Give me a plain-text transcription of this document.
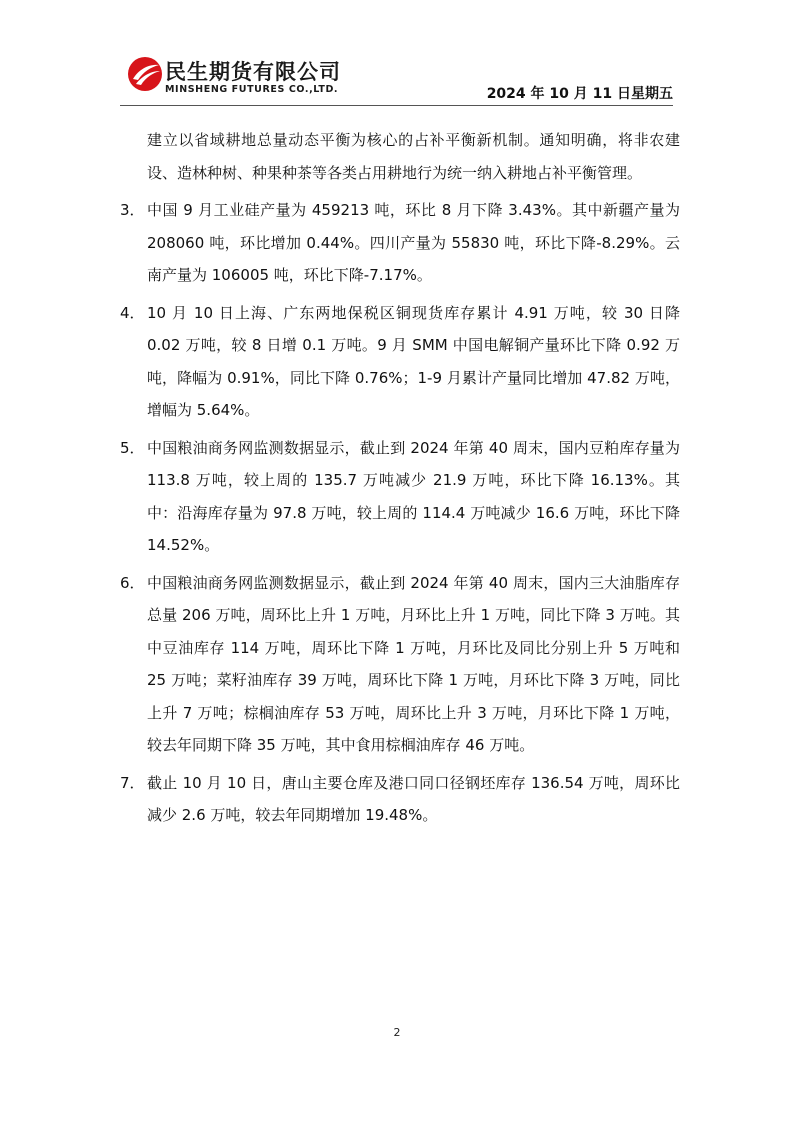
民生期货有限公司
MINSHENG FUTURES CO.,LTD.	2024 年 10 月 11 日星期五

建立以省域耕地总量动态平衡为核心的占补平衡新机制。通知明确，将非农建设、造林种树、种果种茶等各类占用耕地行为统一纳入耕地占补平衡管理。

3． 中国 9 月工业硅产量为 459213 吨，环比 8 月下降 3.43%。其中新疆产量为 208060 吨，环比增加 0.44%。四川产量为 55830 吨，环比下降-8.29%。云南产量为 106005 吨，环比下降-7.17%。
4． 10 月 10 日上海、广东两地保税区铜现货库存累计 4.91 万吨，较 30 日降 0.02 万吨，较 8 日增 0.1 万吨。9 月 SMM 中国电解铜产量环比下降 0.92 万吨，降幅为 0.91%，同比下降 0.76%；1-9 月累计产量同比增加 47.82 万吨，增幅为 5.64%。
5． 中国粮油商务网监测数据显示，截止到 2024 年第 40 周末，国内豆粕库存量为 113.8 万吨，较上周的 135.7 万吨减少 21.9 万吨，环比下降 16.13%。其中：沿海库存量为 97.8 万吨，较上周的 114.4 万吨减少 16.6 万吨，环比下降 14.52%。
6． 中国粮油商务网监测数据显示，截止到 2024 年第 40 周末，国内三大油脂库存总量 206 万吨，周环比上升 1 万吨，月环比上升 1 万吨，同比下降 3 万吨。其中豆油库存 114 万吨，周环比下降 1 万吨，月环比及同比分别上升 5 万吨和 25 万吨；菜籽油库存 39 万吨，周环比下降 1 万吨，月环比下降 3 万吨，同比上升 7 万吨；棕榈油库存 53 万吨，周环比上升 3 万吨，月环比下降 1 万吨，较去年同期下降 35 万吨，其中食用棕榈油库存 46 万吨。
7． 截止 10 月 10 日，唐山主要仓库及港口同口径钢坯库存 136.54 万吨，周环比减少 2.6 万吨，较去年同期增加 19.48%。
2
